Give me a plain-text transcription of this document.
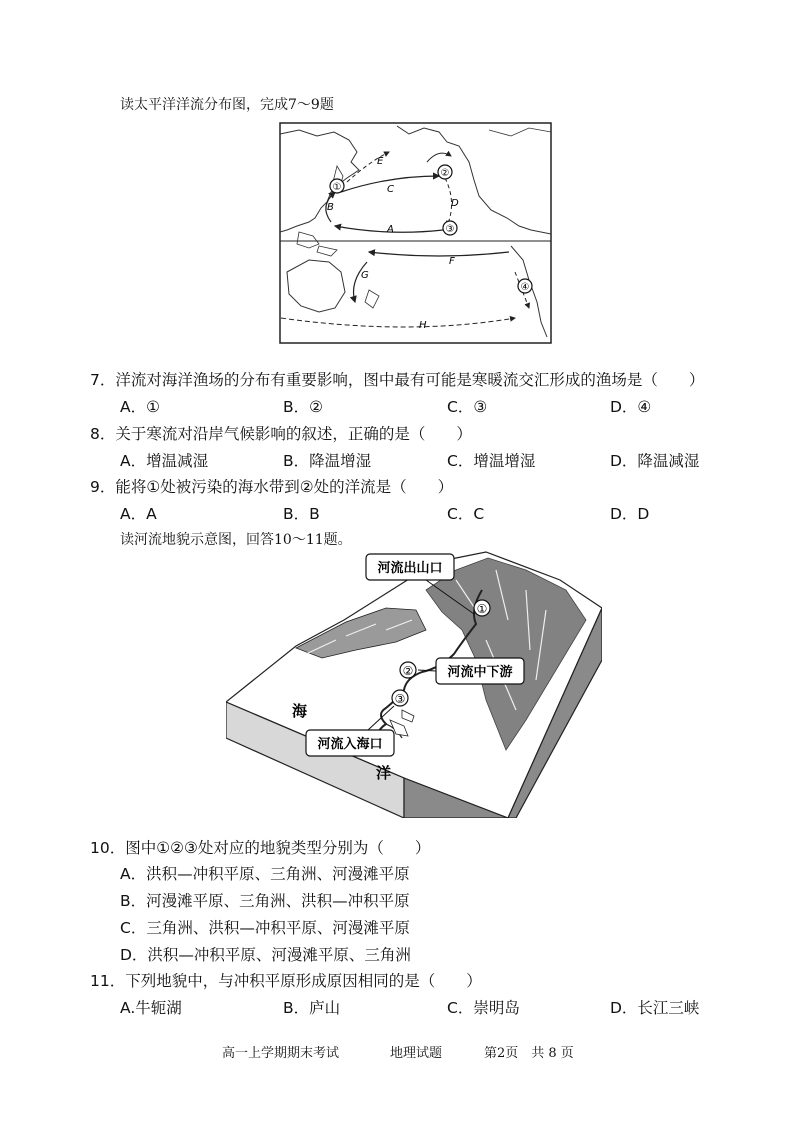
读太平洋洋流分布图，完成7～9题
①
②
③
④
E
C
B	D
A
F
G
H
7．洋流对海洋渔场的分布有重要影响，图中最有可能是寒暖流交汇形成的渔场是（　　）
A．①	B．②	C．③	D．④
8．关于寒流对沿岸气候影响的叙述，正确的是（　　）
A．增温减湿	B．降温增湿	C．增温增湿	D．降温减湿
9．能将①处被污染的海水带到②处的洋流是（　　）
A．A	B．B	C．C	D．D
读河流地貌示意图，回答10～11题。
河流出山口
①
河流中下游
②
③
河流入海口
海
洋
10．图中①②③处对应的地貌类型分别为（　　）
A．洪积—冲积平原、三角洲、河漫滩平原
B．河漫滩平原、三角洲、洪积—冲积平原
C．三角洲、洪积—冲积平原、河漫滩平原
D．洪积—冲积平原、河漫滩平原、三角洲
11．下列地貌中，与冲积平原形成原因相同的是（　　）
A.牛轭湖	B．庐山	C．崇明岛	D．长江三峡
高一上学期期末考试	地理试题	第2页　共 8 页
